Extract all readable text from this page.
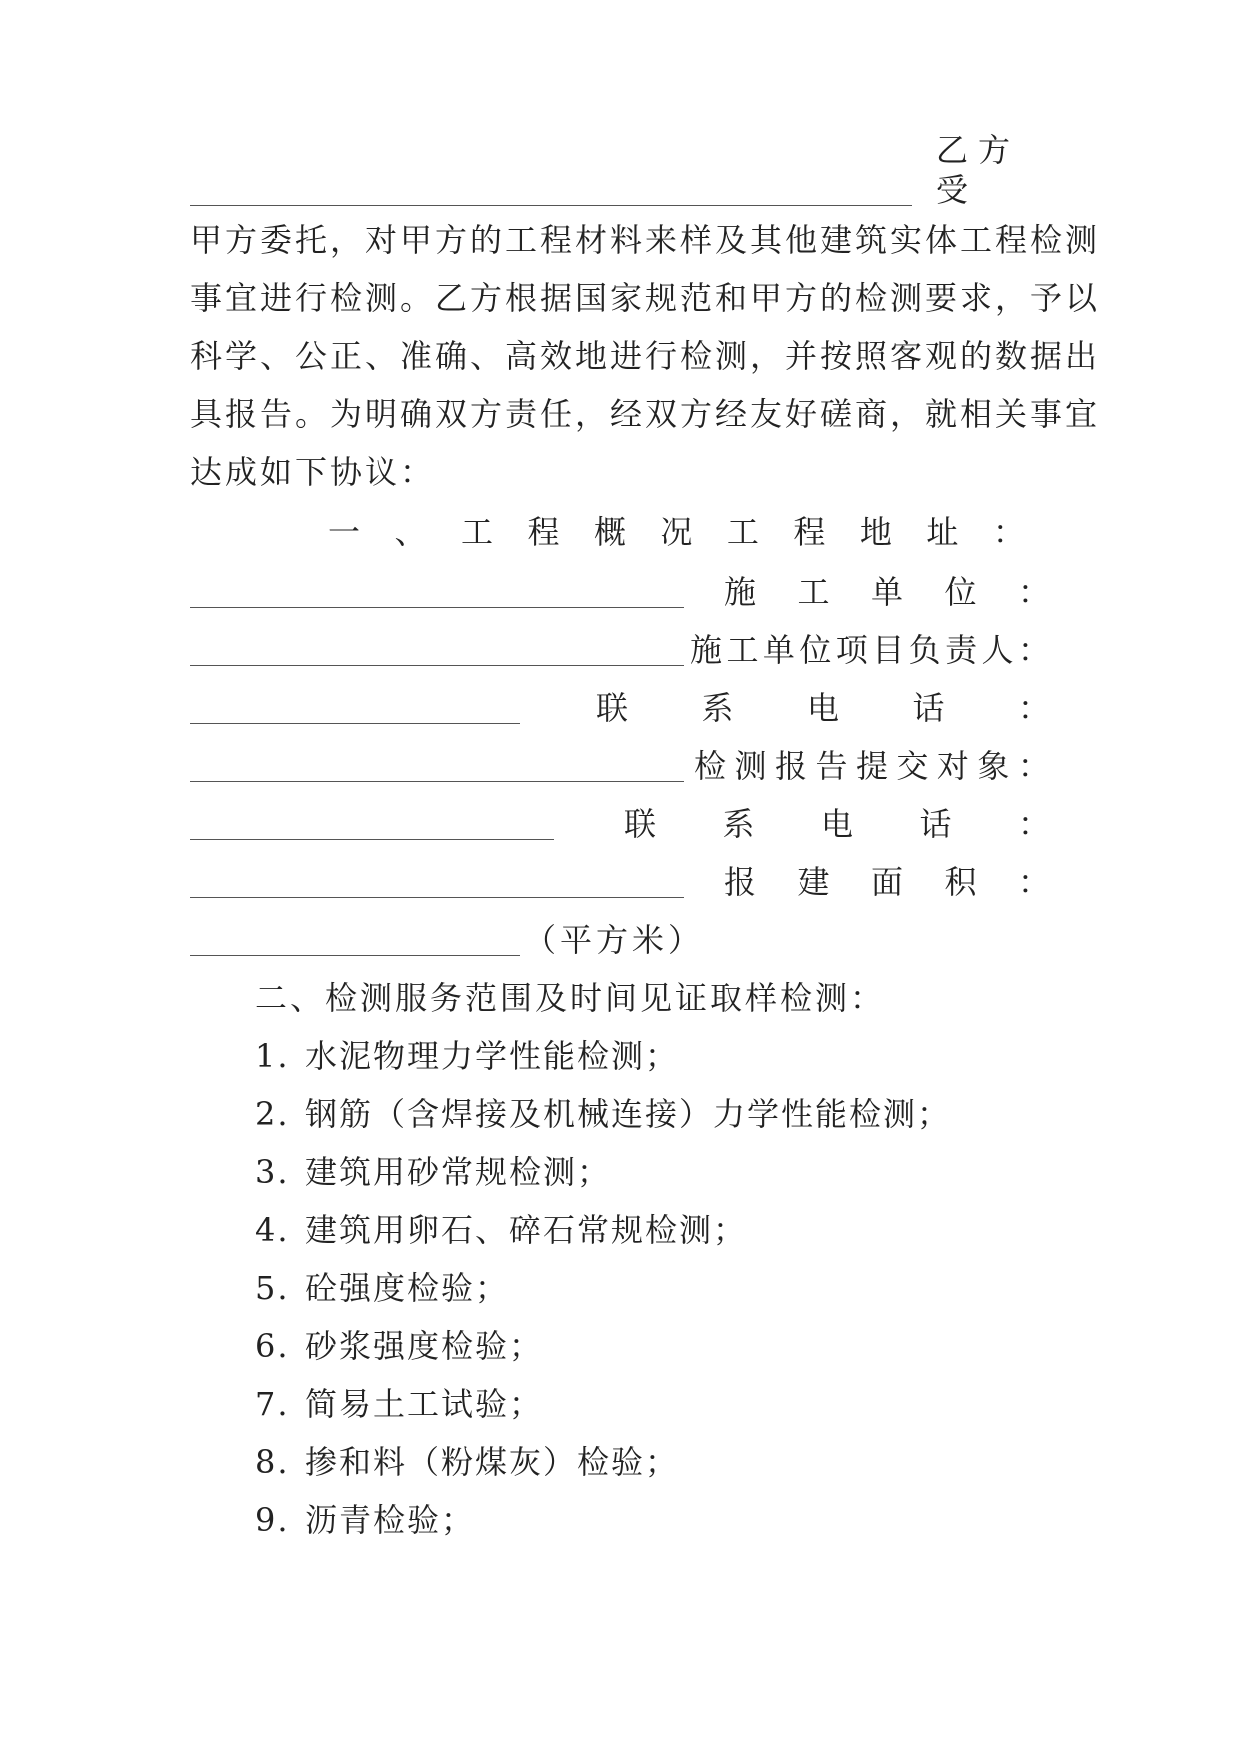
乙方受
甲方委托，对甲方的工程材料来样及其他建筑实体工程检测
事宜进行检测。乙方根据国家规范和甲方的检测要求，予以
科学、公正、准确、高效地进行检测，并按照客观的数据出
具报告。为明确双方责任，经双方经友好磋商，就相关事宜
达成如下协议：
一 、 工 程 概 况 工 程 地 址 ：
施 工 单 位 ：
施 工 单 位 项 目 负 责 人 ：
联 系 电 话 ：
检 测 报 告 提 交 对 象 ：
联 系 电 话 ：
报 建 面 积 ：
（平方米）
二、检测服务范围及时间见证取样检测：
1. 水泥物理力学性能检测；
2. 钢筋（含焊接及机械连接）力学性能检测；
3. 建筑用砂常规检测；
4. 建筑用卵石、碎石常规检测；
5. 砼强度检验；
6. 砂浆强度检验；
7. 简易土工试验；
8. 掺和料（粉煤灰）检验；
9. 沥青检验；
